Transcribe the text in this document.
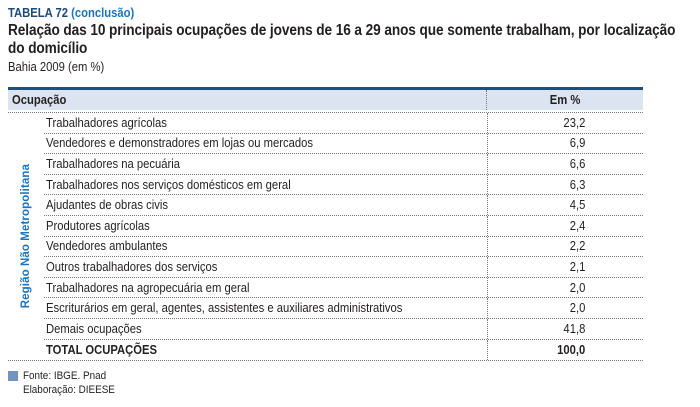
TABELA 72 (conclusão)
Relação das 10 principais ocupações de jovens de 16 a 29 anos que somente trabalham, por localização do domicílio
Bahia 2009 (em %)
Ocupação	Em %
Região Não Metropolitana
Trabalhadores agrícolas	23,2
Vendedores e demonstradores em lojas ou mercados	6,9
Trabalhadores na pecuária	6,6
Trabalhadores nos serviços domésticos em geral	6,3
Ajudantes de obras civis	4,5
Produtores agrícolas	2,4
Vendedores ambulantes	2,2
Outros trabalhadores dos serviços	2,1
Trabalhadores na agropecuária em geral	2,0
Escriturários em geral, agentes, assistentes e auxiliares administrativos	2,0
Demais ocupações	41,8
TOTAL OCUPAÇÕES	100,0
Fonte: IBGE. Pnad
Elaboração: DIEESE
